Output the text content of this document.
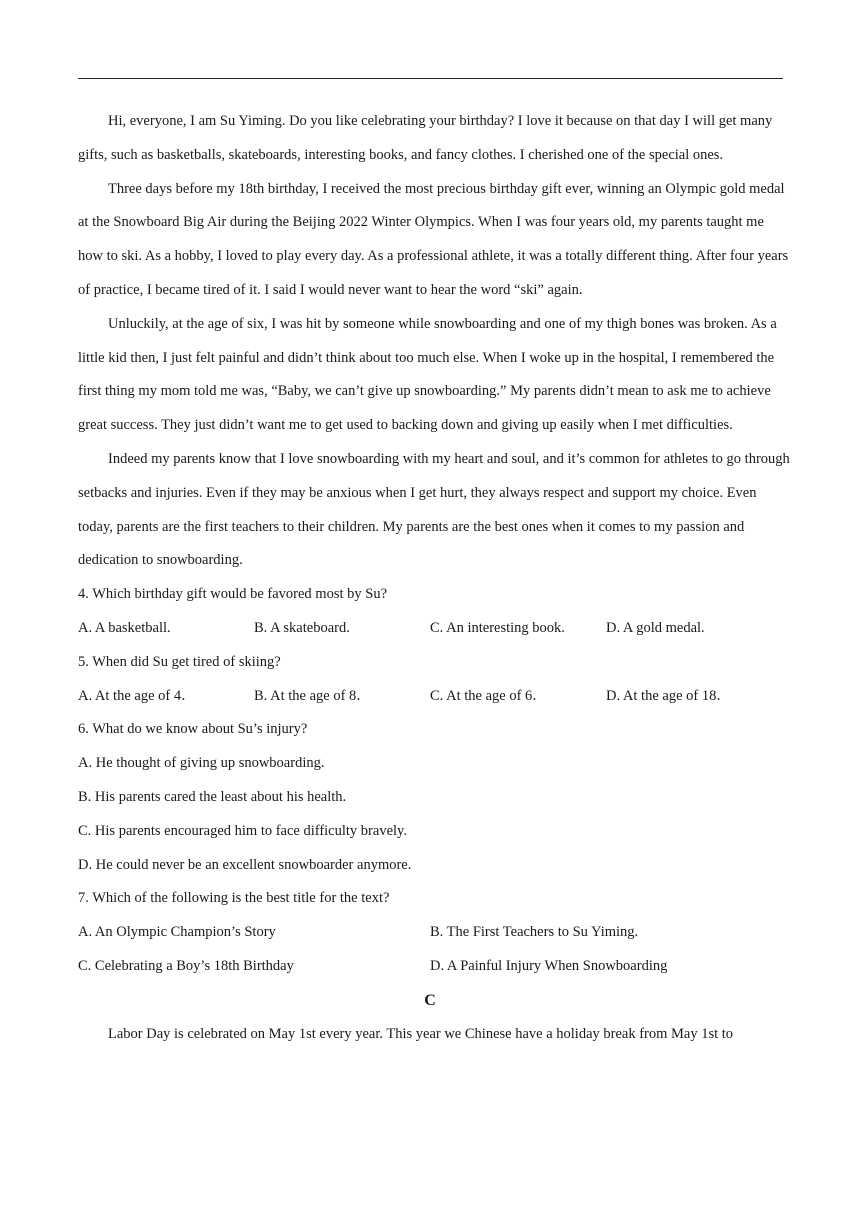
Hi, everyone, I am Su Yiming. Do you like celebrating your birthday? I love it because on that day I will get many gifts, such as basketballs, skateboards, interesting books, and fancy clothes. I cherished one of the special ones.

Three days before my 18th birthday, I received the most precious birthday gift ever, winning an Olympic gold medal at the Snowboard Big Air during the Beijing 2022 Winter Olympics. When I was four years old, my parents taught me how to ski. As a hobby, I loved to play every day. As a professional athlete, it was a totally different thing. After four years of practice, I became tired of it. I said I would never want to hear the word “ski” again.

Unluckily, at the age of six, I was hit by someone while snowboarding and one of my thigh bones was broken. As a little kid then, I just felt painful and didn’t think about too much else. When I woke up in the hospital, I remembered the first thing my mom told me was, “Baby, we can’t give up snowboarding.” My parents didn’t mean to ask me to achieve great success. They just didn’t want me to get used to backing down and giving up easily when I met difficulties.

Indeed my parents know that I love snowboarding with my heart and soul, and it’s common for athletes to go through setbacks and injuries. Even if they may be anxious when I get hurt, they always respect and support my choice. Even today, parents are the first teachers to their children. My parents are the best ones when it comes to my passion and dedication to snowboarding.

4. Which birthday gift would be favored most by Su?
A. A basketball.	B. A skateboard.	C. An interesting book.	D. A gold medal.
5. When did Su get tired of skiing?
A. At the age of 4．	B. At the age of 8．	C. At the age of 6．	D. At the age of 18．
6. What do we know about Su’s injury?
A. He thought of giving up snowboarding.
B. His parents cared the least about his health.
C. His parents encouraged him to face difficulty bravely.
D. He could never be an excellent snowboarder anymore.
7. Which of the following is the best title for the text?
A. An Olympic Champion’s Story	B. The First Teachers to Su Yiming.
C. Celebrating a Boy’s 18th Birthday	D. A Painful Injury When Snowboarding
C

Labor Day is celebrated on May 1st every year. This year we Chinese have a holiday break from May 1st to
